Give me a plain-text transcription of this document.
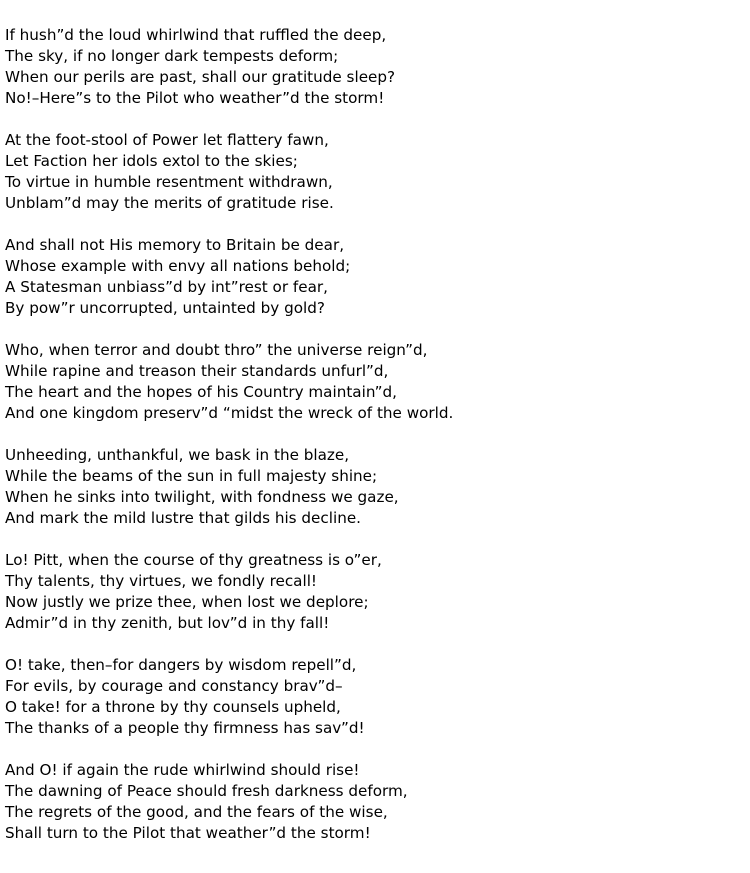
If hush”d the loud whirlwind that ruffled the deep,
The sky, if no longer dark tempests deform;
When our perils are past, shall our gratitude sleep?
No!–Here”s to the Pilot who weather”d the storm!
At the foot-stool of Power let flattery fawn,
Let Faction her idols extol to the skies;
To virtue in humble resentment withdrawn,
Unblam”d may the merits of gratitude rise.
And shall not His memory to Britain be dear,
Whose example with envy all nations behold;
A Statesman unbiass”d by int”rest or fear,
By pow”r uncorrupted, untainted by gold?
Who, when terror and doubt thro” the universe reign”d,
While rapine and treason their standards unfurl”d,
The heart and the hopes of his Country maintain”d,
And one kingdom preserv”d “midst the wreck of the world.
Unheeding, unthankful, we bask in the blaze,
While the beams of the sun in full majesty shine;
When he sinks into twilight, with fondness we gaze,
And mark the mild lustre that gilds his decline.
Lo! Pitt, when the course of thy greatness is o”er,
Thy talents, thy virtues, we fondly recall!
Now justly we prize thee, when lost we deplore;
Admir”d in thy zenith, but lov”d in thy fall!
O! take, then–for dangers by wisdom repell”d,
For evils, by courage and constancy brav”d–
O take! for a throne by thy counsels upheld,
The thanks of a people thy firmness has sav”d!
And O! if again the rude whirlwind should rise!
The dawning of Peace should fresh darkness deform,
The regrets of the good, and the fears of the wise,
Shall turn to the Pilot that weather”d the storm!
